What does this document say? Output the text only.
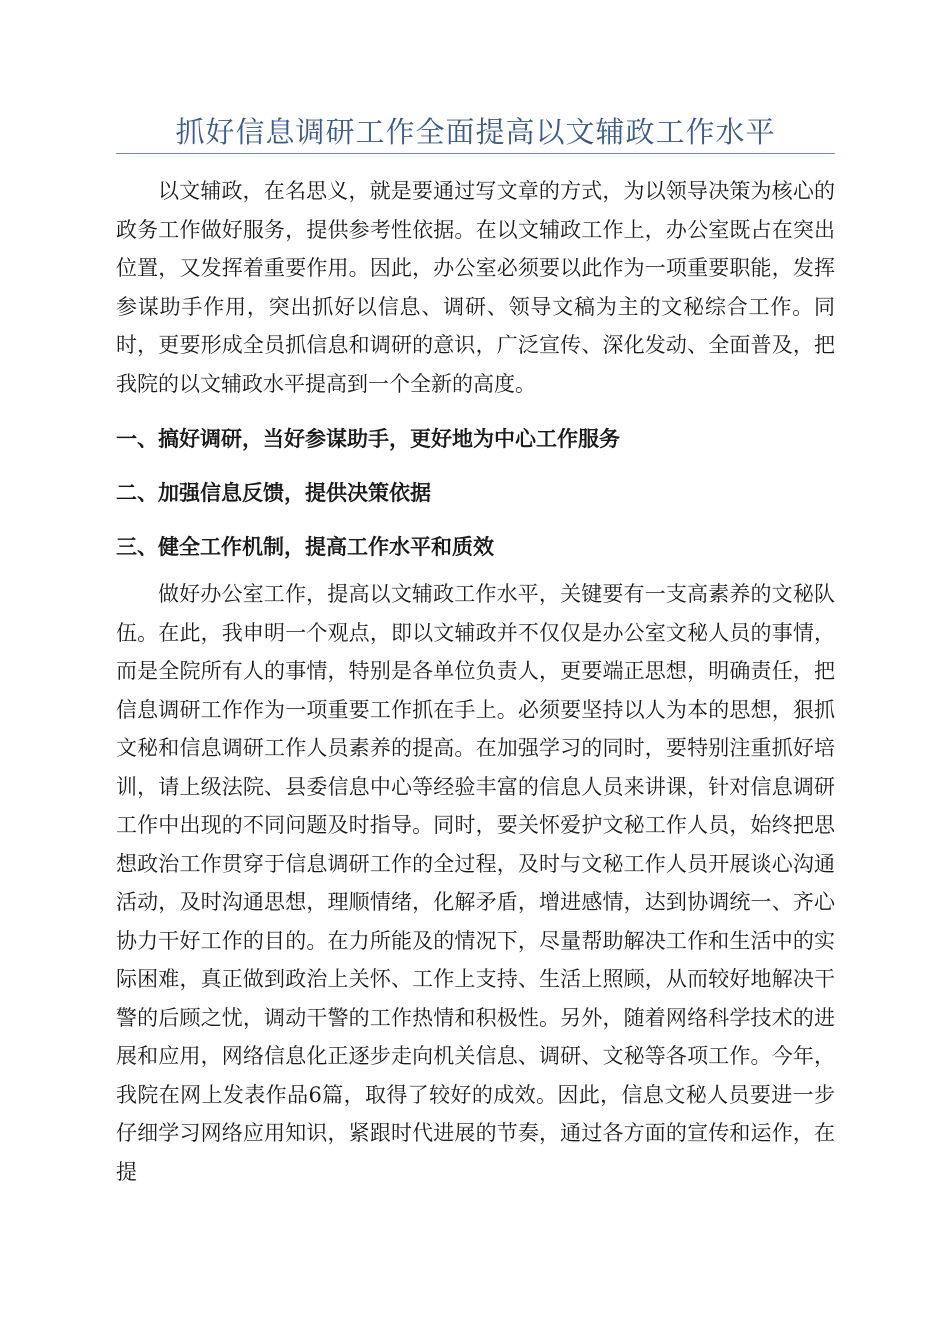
抓好信息调研工作全面提高以文辅政工作水平

以文辅政，在名思义，就是要通过写文章的方式，为以领导决策为核心的政务工作做好服务，提供参考性依据。在以文辅政工作上，办公室既占在突出位置，又发挥着重要作用。因此，办公室必须要以此作为一项重要职能，发挥参谋助手作用，突出抓好以信息、调研、领导文稿为主的文秘综合工作。同时，更要形成全员抓信息和调研的意识，广泛宣传、深化发动、全面普及，把我院的以文辅政水平提高到一个全新的高度。

一、搞好调研，当好参谋助手，更好地为中心工作服务
二、加强信息反馈，提供决策依据
三、健全工作机制，提高工作水平和质效

做好办公室工作，提高以文辅政工作水平，关键要有一支高素养的文秘队伍。在此，我申明一个观点，即以文辅政并不仅仅是办公室文秘人员的事情，而是全院所有人的事情，特别是各单位负责人，更要端正思想，明确责任，把信息调研工作作为一项重要工作抓在手上。必须要坚持以人为本的思想，狠抓文秘和信息调研工作人员素养的提高。在加强学习的同时，要特别注重抓好培训，请上级法院、县委信息中心等经验丰富的信息人员来讲课，针对信息调研工作中出现的不同问题及时指导。同时，要关怀爱护文秘工作人员，始终把思想政治工作贯穿于信息调研工作的全过程，及时与文秘工作人员开展谈心沟通活动，及时沟通思想，理顺情绪，化解矛盾，增进感情，达到协调统一、齐心协力干好工作的目的。在力所能及的情况下，尽量帮助解决工作和生活中的实际困难，真正做到政治上关怀、工作上支持、生活上照顾，从而较好地解决干警的后顾之忧，调动干警的工作热情和积极性。另外，随着网络科学技术的进展和应用，网络信息化正逐步走向机关信息、调研、文秘等各项工作。今年，我院在网上发表作品6篇，取得了较好的成效。因此，信息文秘人员要进一步仔细学习网络应用知识，紧跟时代进展的节奏，通过各方面的宣传和运作，在提
